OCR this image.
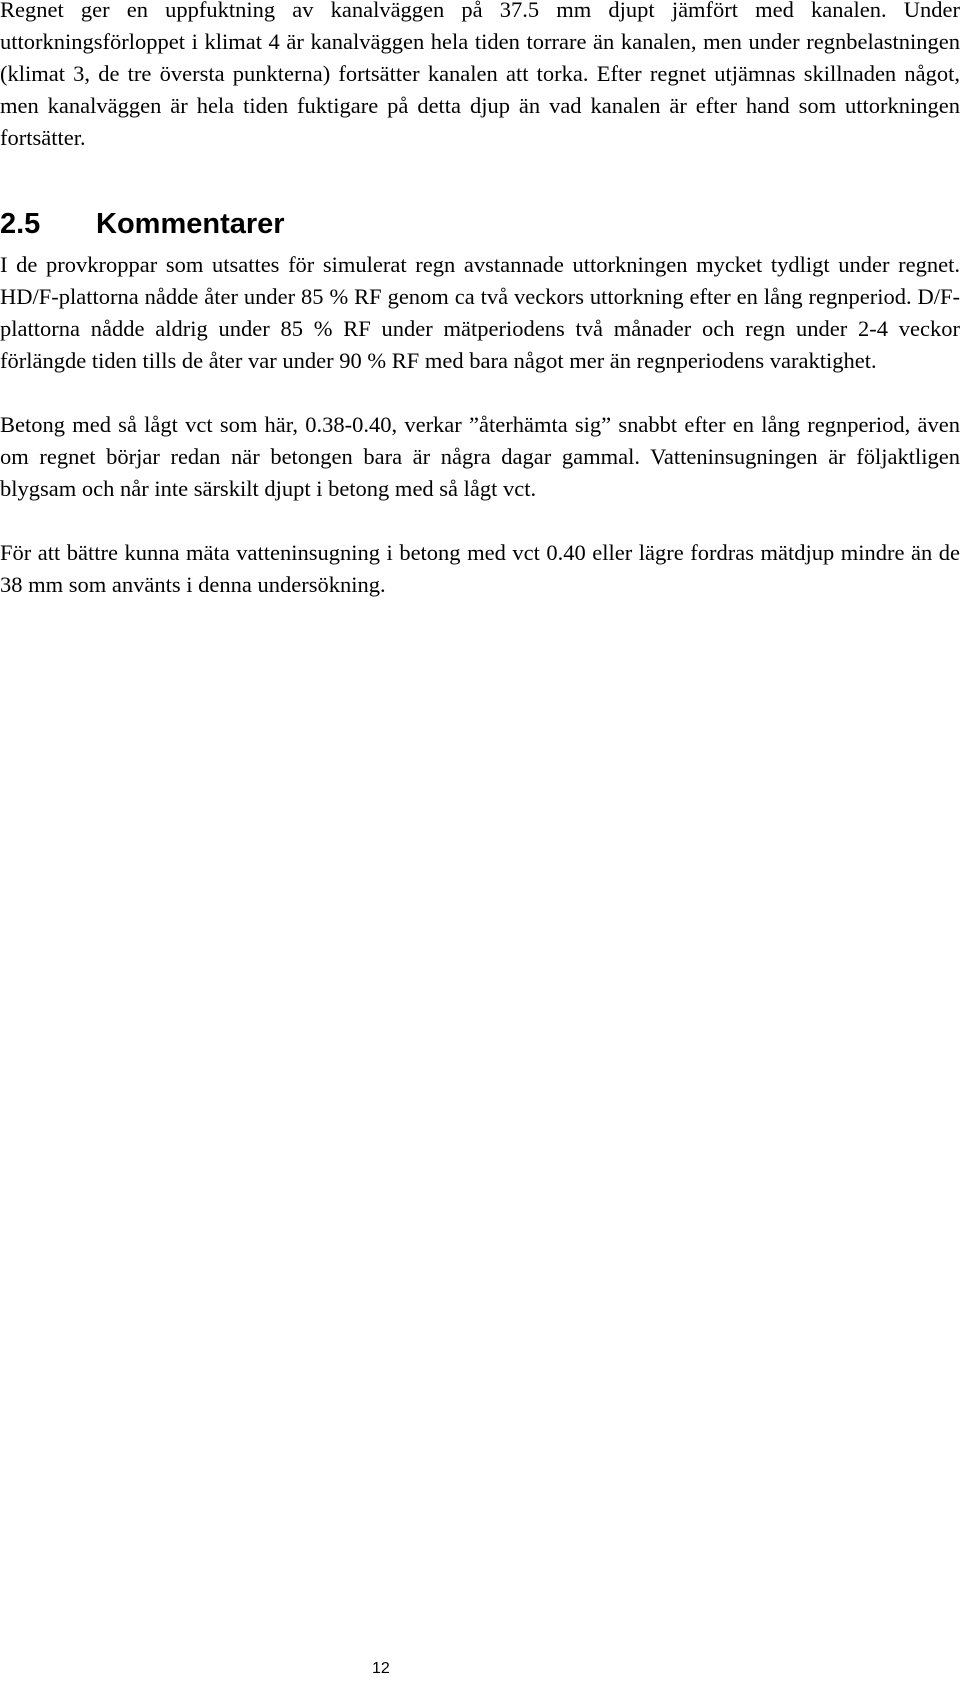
Regnet ger en uppfuktning av kanalväggen på 37.5 mm djupt jämfört med kanalen. Under uttorkningsförloppet i klimat 4 är kanalväggen hela tiden torrare än kanalen, men under regnbelastningen (klimat 3, de tre översta punkterna) fortsätter kanalen att torka. Efter regnet utjämnas skillnaden något, men kanalväggen är hela tiden fuktigare på detta djup än vad kanalen är efter hand som uttorkningen fortsätter.

2.5 Kommentarer

I de provkroppar som utsattes för simulerat regn avstannade uttorkningen mycket tydligt under regnet. HD/F-plattorna nådde åter under 85 % RF genom ca två veckors uttorkning efter en lång regnperiod. D/F-plattorna nådde aldrig under 85 % RF under mätperiodens två månader och regn under 2-4 veckor förlängde tiden tills de åter var under 90 % RF med bara något mer än regnperiodens varaktighet.

Betong med så lågt vct som här, 0.38-0.40, verkar ”återhämta sig” snabbt efter en lång regnperiod, även om regnet börjar redan när betongen bara är några dagar gammal. Vatteninsugningen är följaktligen blygsam och når inte särskilt djupt i betong med så lågt vct.

För att bättre kunna mäta vatteninsugning i betong med vct 0.40 eller lägre fordras mätdjup mindre än de 38 mm som använts i denna undersökning.

12
